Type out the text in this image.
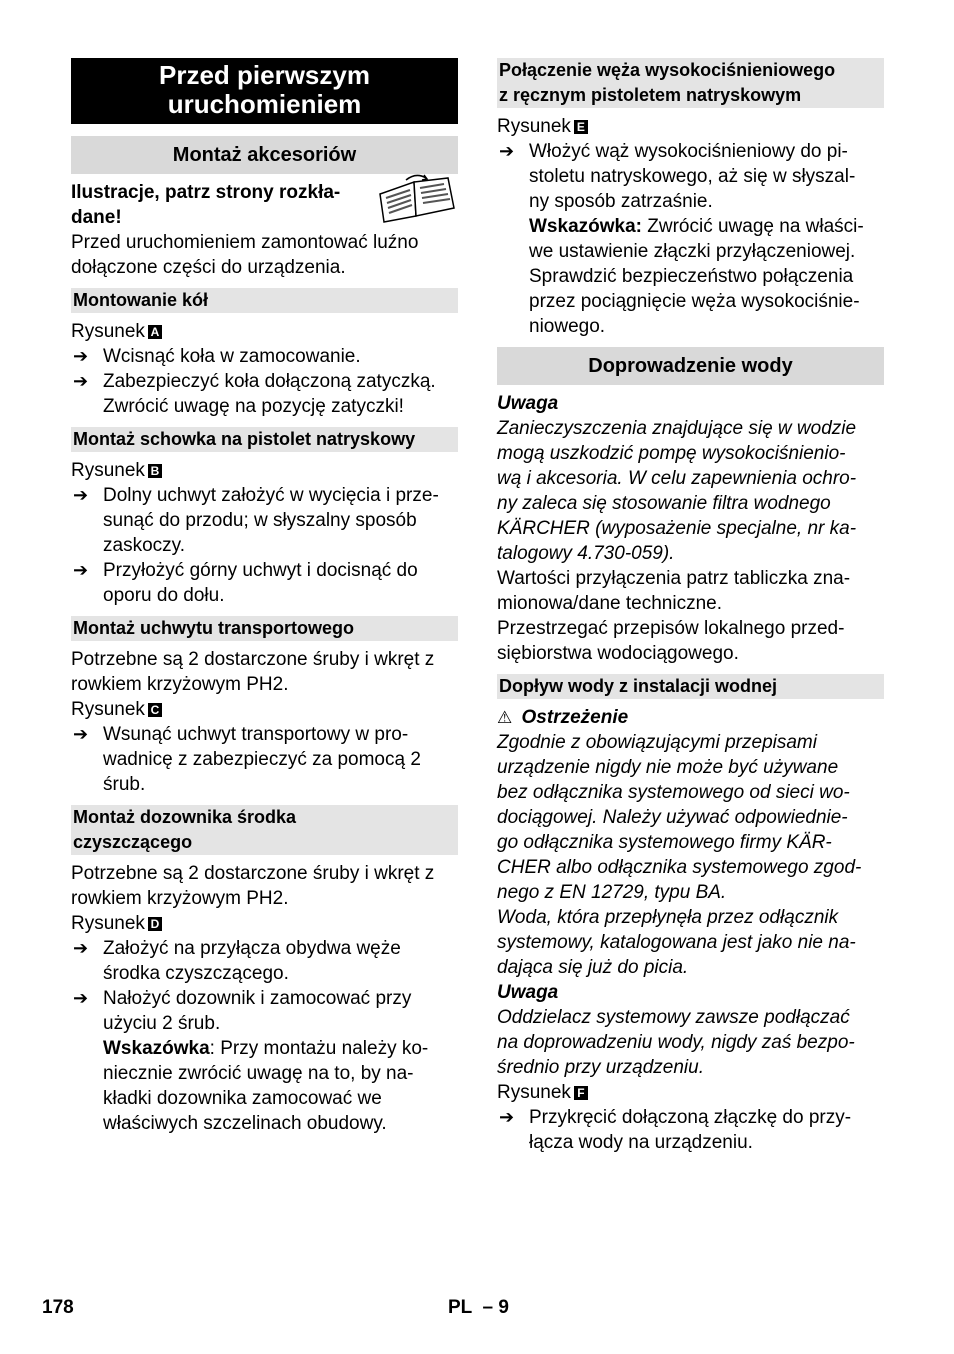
Przed pierwszym
uruchomieniem
Montaż akcesoriów

Ilustracje, patrz strony rozkła-

dane!

Przed uruchomieniem zamontować luźno

dołączone części do urządzenia.

Montowanie kół

Rysunek A

➔ Wcisnąć koła w zamocowanie.
➔ Zabezpieczyć koła dołączoną zatyczką.
Zwrócić uwagę na pozycję zatyczki!
Montaż schowka na pistolet natryskowy

Rysunek B

➔ Dolny uchwyt założyć w wycięcia i prze-
sunąć do przodu; w słyszalny sposób
zaskoczy.
➔ Przyłożyć górny uchwyt i docisnąć do
oporu do dołu.
Montaż uchwytu transportowego

Potrzebne są 2 dostarczone śruby i wkręt z

rowkiem krzyżowym PH2.

Rysunek C

➔ Wsunąć uchwyt transportowy w pro-
wadnicę z zabezpieczyć za pomocą 2
śrub.
Montaż dozownika środka
czyszczącego

Potrzebne są 2 dostarczone śruby i wkręt z

rowkiem krzyżowym PH2.

Rysunek D

➔ Założyć na przyłącza obydwa węże
środka czyszczącego.
➔ Nałożyć dozownik i zamocować przy
użyciu 2 śrub.
Wskazówka: Przy montażu należy ko-
niecznie zwrócić uwagę na to, by na-
kładki dozownika zamocować we
właściwych szczelinach obudowy.
Połączenie węża wysokociśnieniowego
z ręcznym pistoletem natryskowym

Rysunek E

➔ Włożyć wąż wysokociśnieniowy do pi-
stoletu natryskowego, aż się w słyszal-
ny sposób zatrzaśnie.
Wskazówka: Zwrócić uwagę na właści-
we ustawienie złączki przyłączeniowej.
Sprawdzić bezpieczeństwo połączenia
przez pociągnięcie węża wysokociśnie-
niowego.
Doprowadzenie wody

Uwaga

Zanieczyszczenia znajdujące się w wodzie

mogą uszkodzić pompę wysokociśnienio-

wą i akcesoria. W celu zapewnienia ochro-

ny zaleca się stosowanie filtra wodnego

KÄRCHER (wyposażenie specjalne, nr ka-

talogowy 4.730-059).

Wartości przyłączenia patrz tabliczka zna-

mionowa/dane techniczne.

Przestrzegać przepisów lokalnego przed-

siębiorstwa wodociągowego.

Dopływ wody z instalacji wodnej

⚠ Ostrzeżenie

Zgodnie z obowiązującymi przepisami

urządzenie nigdy nie może być używane

bez odłącznika systemowego od sieci wo-

dociągowej. Należy używać odpowiednie-

go odłącznika systemowego firmy KÄR-

CHER albo odłącznika systemowego zgod-

nego z EN 12729, typu BA.

Woda, która przepłynęła przez odłącznik

systemowy, katalogowana jest jako nie na-

dająca się już do picia.

Uwaga

Oddzielacz systemowy zawsze podłączać

na doprowadzeniu wody, nigdy zaś bezpo-

średnio przy urządzeniu.

Rysunek F

➔ Przykręcić dołączoną złączkę do przy-
łącza wody na urządzeniu.
178	PL  – 9
